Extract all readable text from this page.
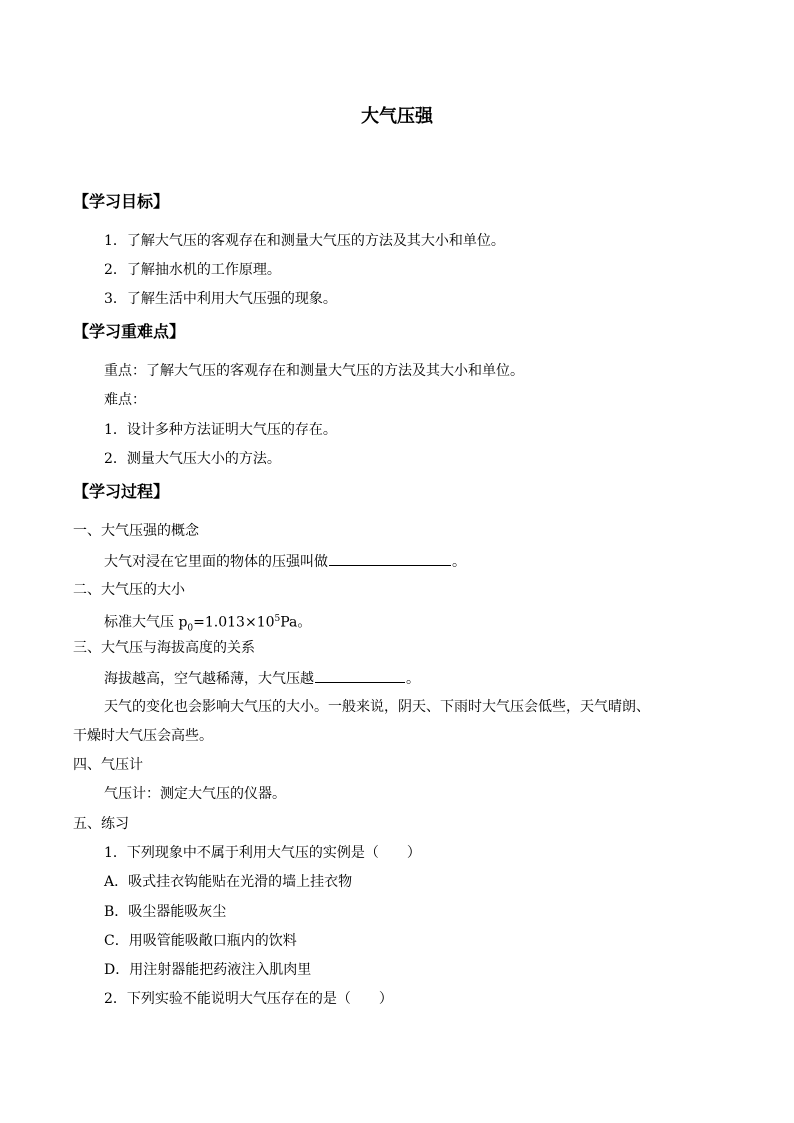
大气压强
【学习目标】
1．了解大气压的客观存在和测量大气压的方法及其大小和单位。
2．了解抽水机的工作原理。
3．了解生活中利用大气压强的现象。
【学习重难点】
重点：了解大气压的客观存在和测量大气压的方法及其大小和单位。
难点：
1．设计多种方法证明大气压的存在。
2．测量大气压大小的方法。
【学习过程】
一、大气压强的概念
大气对浸在它里面的物体的压强叫做	。
二、大气压的大小
标准大气压 $p_0=1.013\times 10^5Pa$。
三、大气压与海拔高度的关系
海拔越高，空气越稀薄，大气压越	。
天气的变化也会影响大气压的大小。一般来说，阴天、下雨时大气压会低些，天气晴朗、
干燥时大气压会高些。
四、气压计
气压计：测定大气压的仪器。
五、练习
1．下列现象中不属于利用大气压的实例是（　　）
A．吸式挂衣钩能贴在光滑的墙上挂衣物
B．吸尘器能吸灰尘
C．用吸管能吸敞口瓶内的饮料
D．用注射器能把药液注入肌肉里
2．下列实验不能说明大气压存在的是（　　）
